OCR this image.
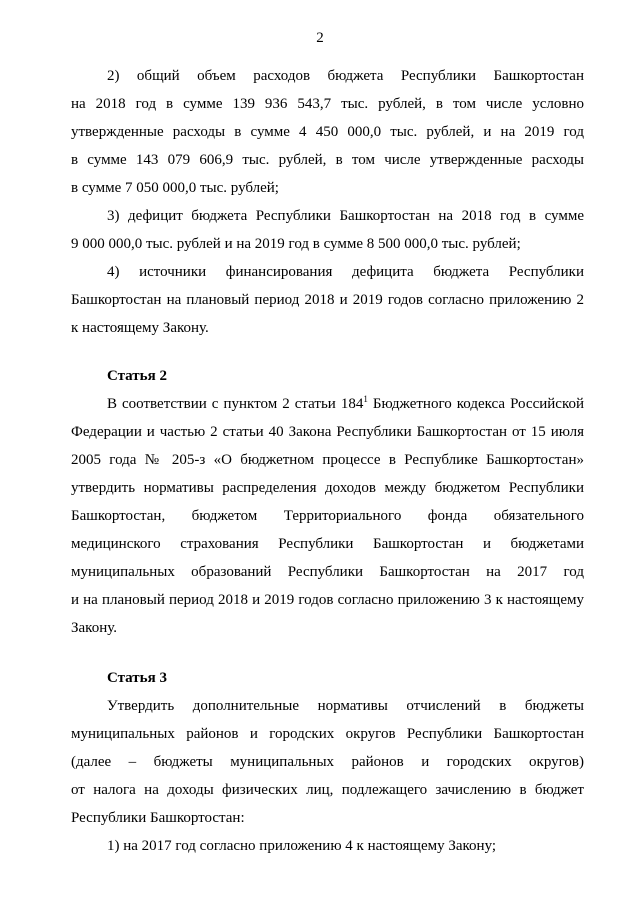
2

2) общий объем расходов бюджета Республики Башкортостан

на 2018 год в сумме 139 936 543,7 тыс. рублей, в том числе условно

утвержденные расходы в сумме 4 450 000,0 тыс. рублей, и на 2019 год

в сумме 143 079 606,9 тыс. рублей, в том числе утвержденные расходы

в сумме 7 050 000,0 тыс. рублей;

3) дефицит бюджета Республики Башкортостан на 2018 год в сумме

9 000 000,0 тыс. рублей и на 2019 год в сумме 8 500 000,0 тыс. рублей;

4) источники финансирования дефицита бюджета Республики

Башкортостан на плановый период 2018 и 2019 годов согласно приложению 2

к настоящему Закону.

Статья 2

В соответствии с пунктом 2 статьи $184^1$ Бюджетного кодекса Российской

Федерации и частью 2 статьи 40 Закона Республики Башкортостан от 15 июля

2005 года № 205-з «О бюджетном процессе в Республике Башкортостан»

утвердить нормативы распределения доходов между бюджетом Республики

Башкортостан, бюджетом Территориального фонда обязательного

медицинского страхования Республики Башкортостан и бюджетами

муниципальных образований Республики Башкортостан на 2017 год

и на плановый период 2018 и 2019 годов согласно приложению 3 к настоящему

Закону.

Статья 3

Утвердить дополнительные нормативы отчислений в бюджеты

муниципальных районов и городских округов Республики Башкортостан

(далее – бюджеты муниципальных районов и городских округов)

от налога на доходы физических лиц, подлежащего зачислению в бюджет

Республики Башкортостан:

1) на 2017 год согласно приложению 4 к настоящему Закону;
